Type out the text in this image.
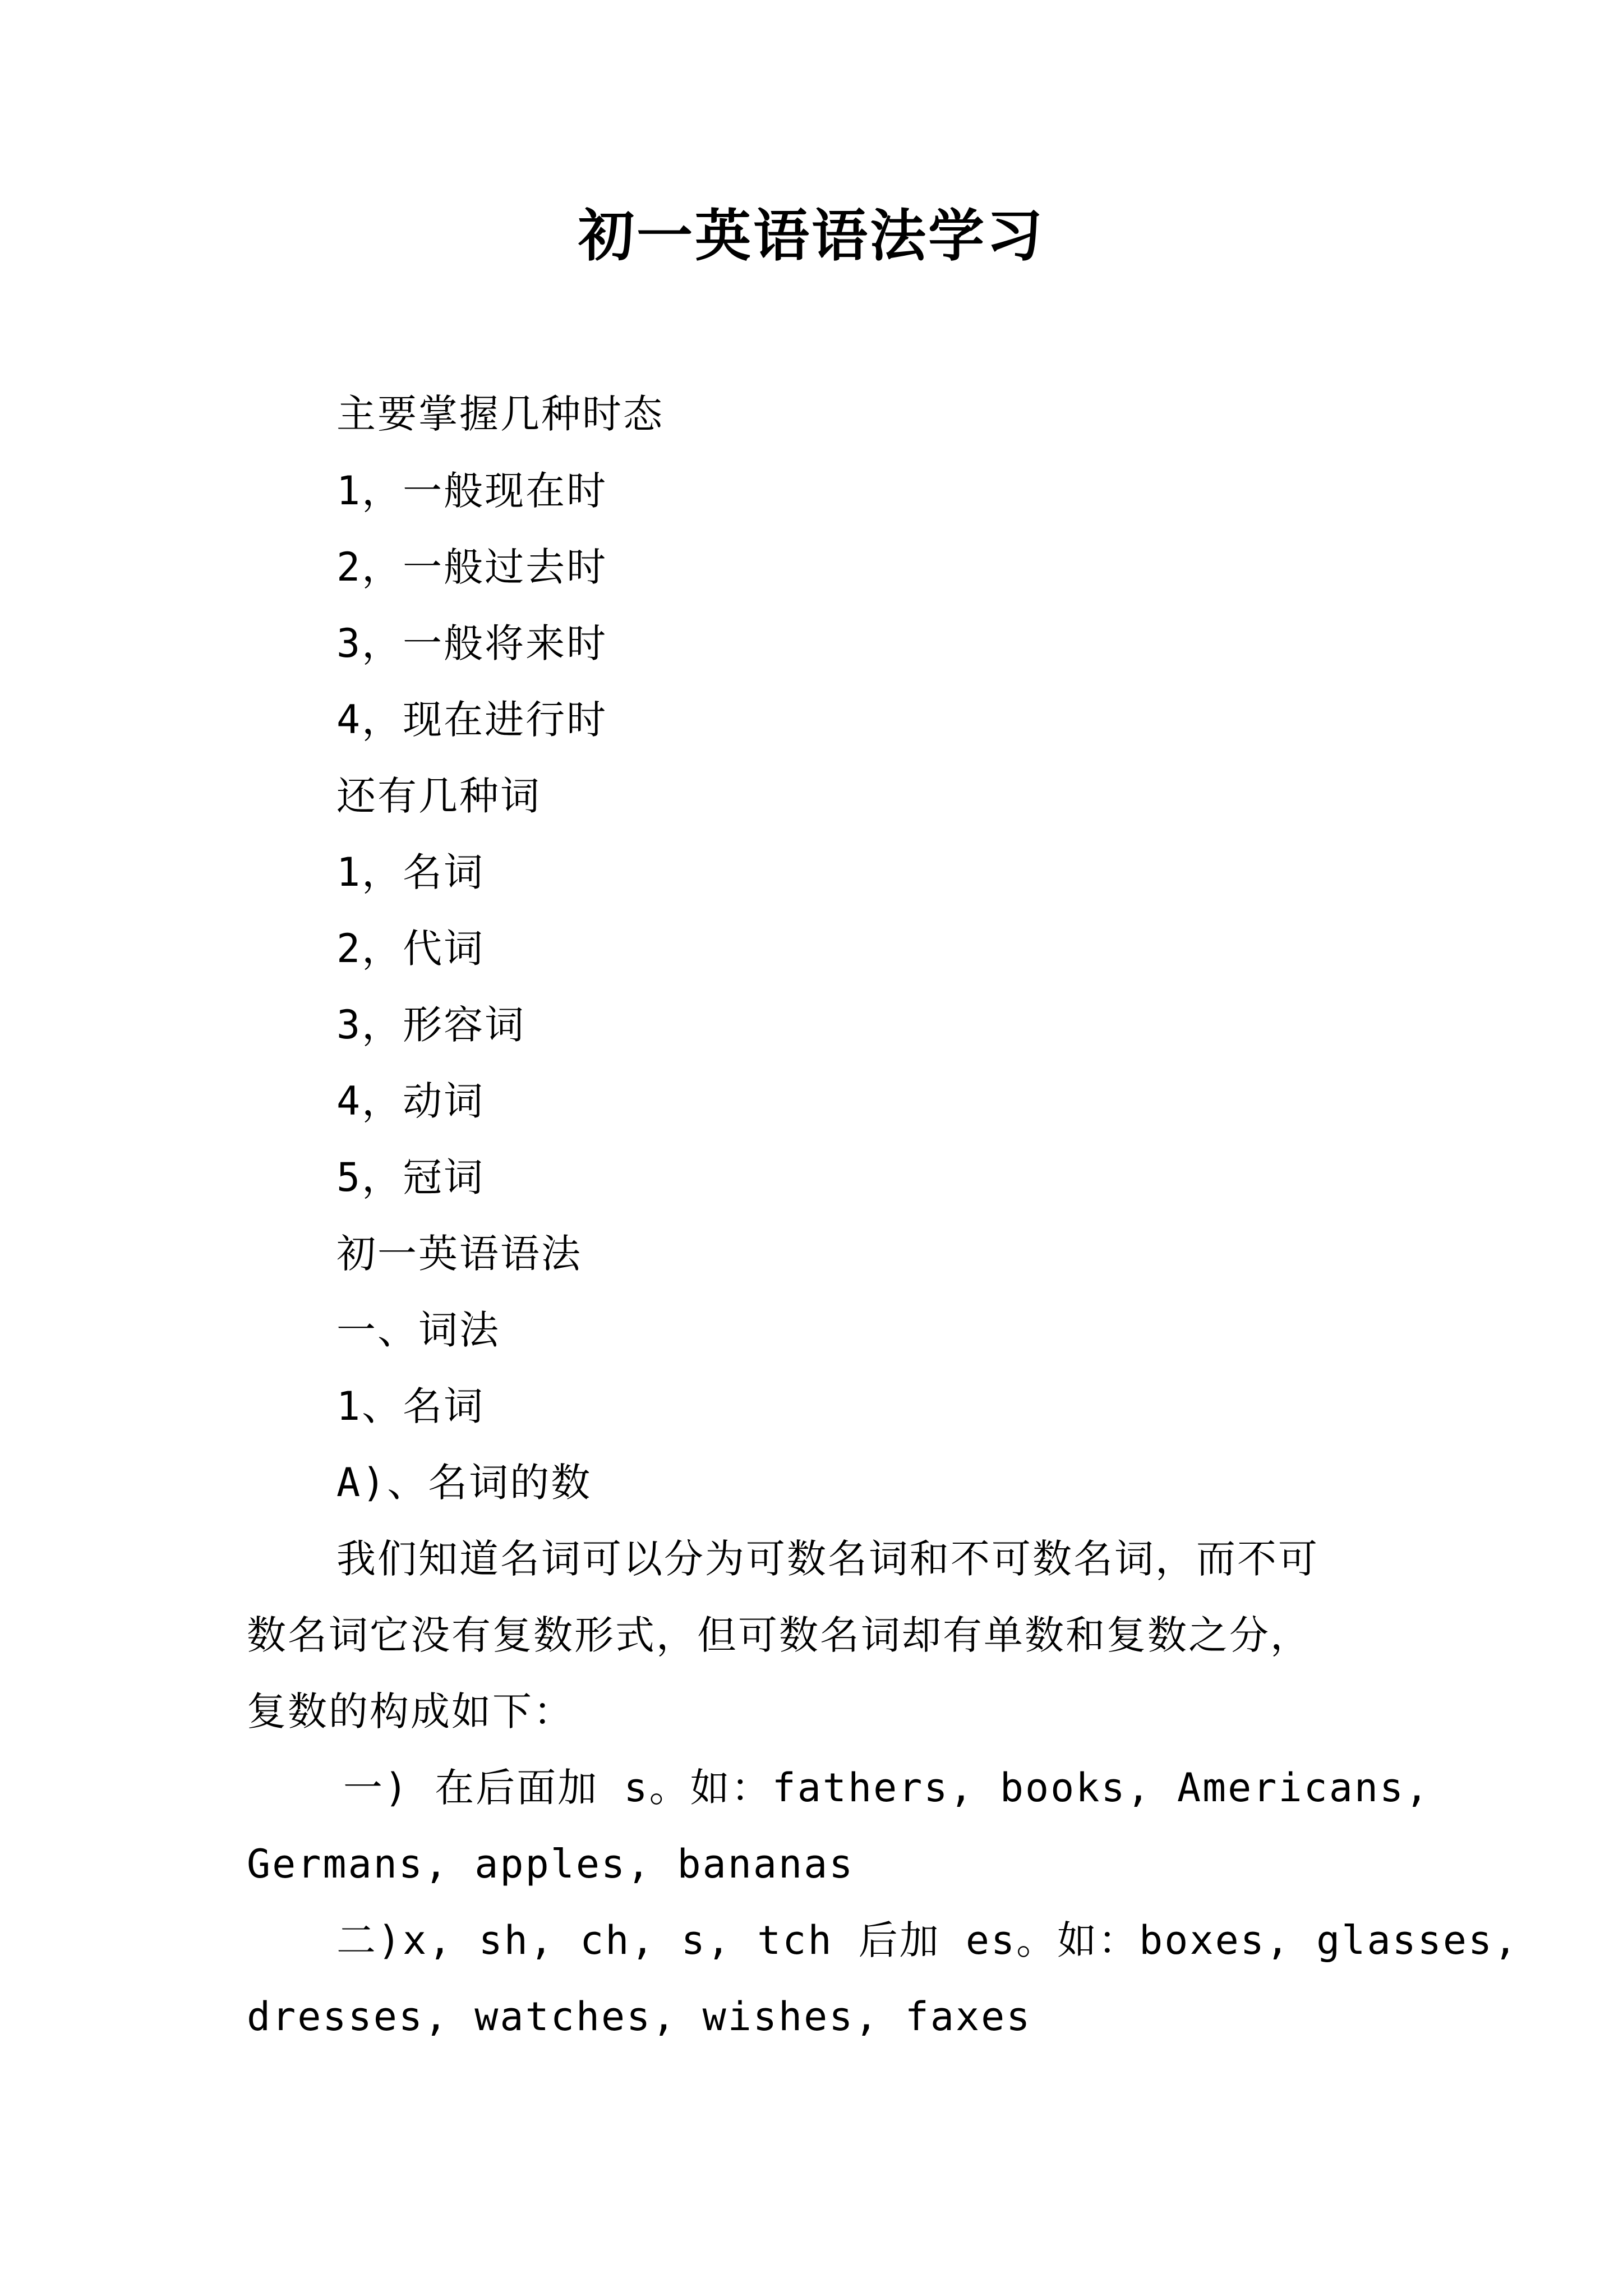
初一英语语法学习
主要掌握几种时态
1，一般现在时
2，一般过去时
3，一般将来时
4，现在进行时
还有几种词
1，名词
2，代词
3，形容词
4，动词
5，冠词
初一英语语法
一、词法
1、名词
A)、名词的数
我们知道名词可以分为可数名词和不可数名词，而不可
数名词它没有复数形式，但可数名词却有单数和复数之分，
复数的构成如下：
一) 在后面加 s。如：fathers, books, Americans,
Germans, apples, bananas
二)x, sh, ch, s, tch 后加 es。如：boxes, glasses,
dresses, watches, wishes, faxes
